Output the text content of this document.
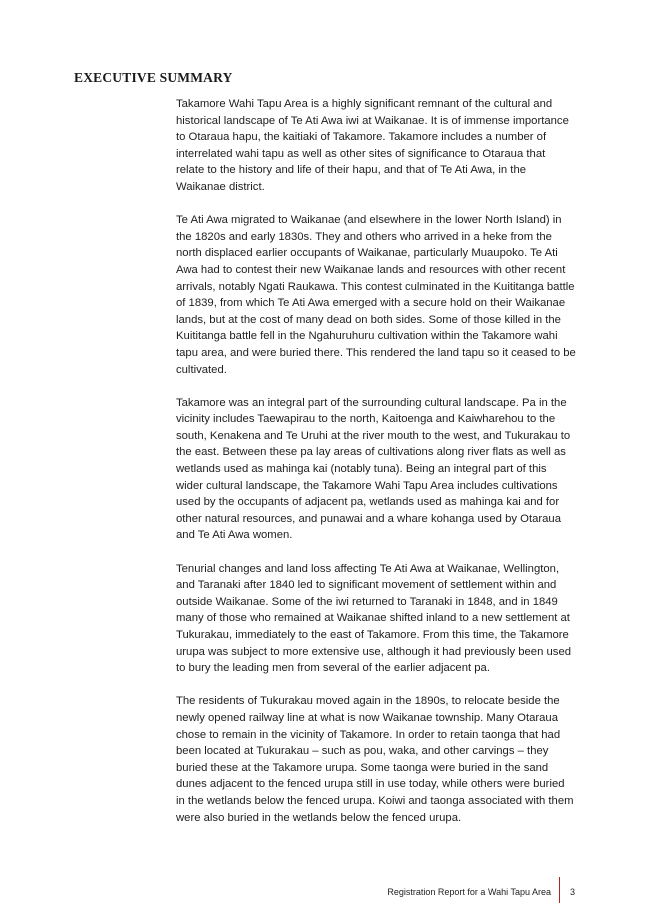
EXECUTIVE SUMMARY

Takamore Wahi Tapu Area is a highly significant remnant of the cultural and historical landscape of Te Ati Awa iwi at Waikanae. It is of immense importance to Otaraua hapu, the kaitiaki of Takamore. Takamore includes a number of interrelated wahi tapu as well as other sites of significance to Otaraua that relate to the history and life of their hapu, and that of Te Ati Awa, in the Waikanae district.

Te Ati Awa migrated to Waikanae (and elsewhere in the lower North Island) in the 1820s and early 1830s. They and others who arrived in a heke from the north displaced earlier occupants of Waikanae, particularly Muaupoko. Te Ati Awa had to contest their new Waikanae lands and resources with other recent arrivals, notably Ngati Raukawa. This contest culminated in the Kuititanga battle of 1839, from which Te Ati Awa emerged with a secure hold on their Waikanae lands, but at the cost of many dead on both sides. Some of those killed in the Kuititanga battle fell in the Ngahuruhuru cultivation within the Takamore wahi tapu area, and were buried there. This rendered the land tapu so it ceased to be cultivated.

Takamore was an integral part of the surrounding cultural landscape. Pa in the vicinity includes Taewapirau to the north, Kaitoenga and Kaiwharehou to the south, Kenakena and Te Uruhi at the river mouth to the west, and Tukurakau to the east. Between these pa lay areas of cultivations along river flats as well as wetlands used as mahinga kai (notably tuna). Being an integral part of this wider cultural landscape, the Takamore Wahi Tapu Area includes cultivations used by the occupants of adjacent pa, wetlands used as mahinga kai and for other natural resources, and punawai and a whare kohanga used by Otaraua and Te Ati Awa women.

Tenurial changes and land loss affecting Te Ati Awa at Waikanae, Wellington, and Taranaki after 1840 led to significant movement of settlement within and outside Waikanae. Some of the iwi returned to Taranaki in 1848, and in 1849 many of those who remained at Waikanae shifted inland to a new settlement at Tukurakau, immediately to the east of Takamore. From this time, the Takamore urupa was subject to more extensive use, although it had previously been used to bury the leading men from several of the earlier adjacent pa.

The residents of Tukurakau moved again in the 1890s, to relocate beside the newly opened railway line at what is now Waikanae township. Many Otaraua chose to remain in the vicinity of Takamore. In order to retain taonga that had been located at Tukurakau – such as pou, waka, and other carvings – they buried these at the Takamore urupa. Some taonga were buried in the sand dunes adjacent to the fenced urupa still in use today, while others were buried in the wetlands below the fenced urupa. Koiwi and taonga associated with them were also buried in the wetlands below the fenced urupa.

Registration Report for a Wahi Tapu Area 3
